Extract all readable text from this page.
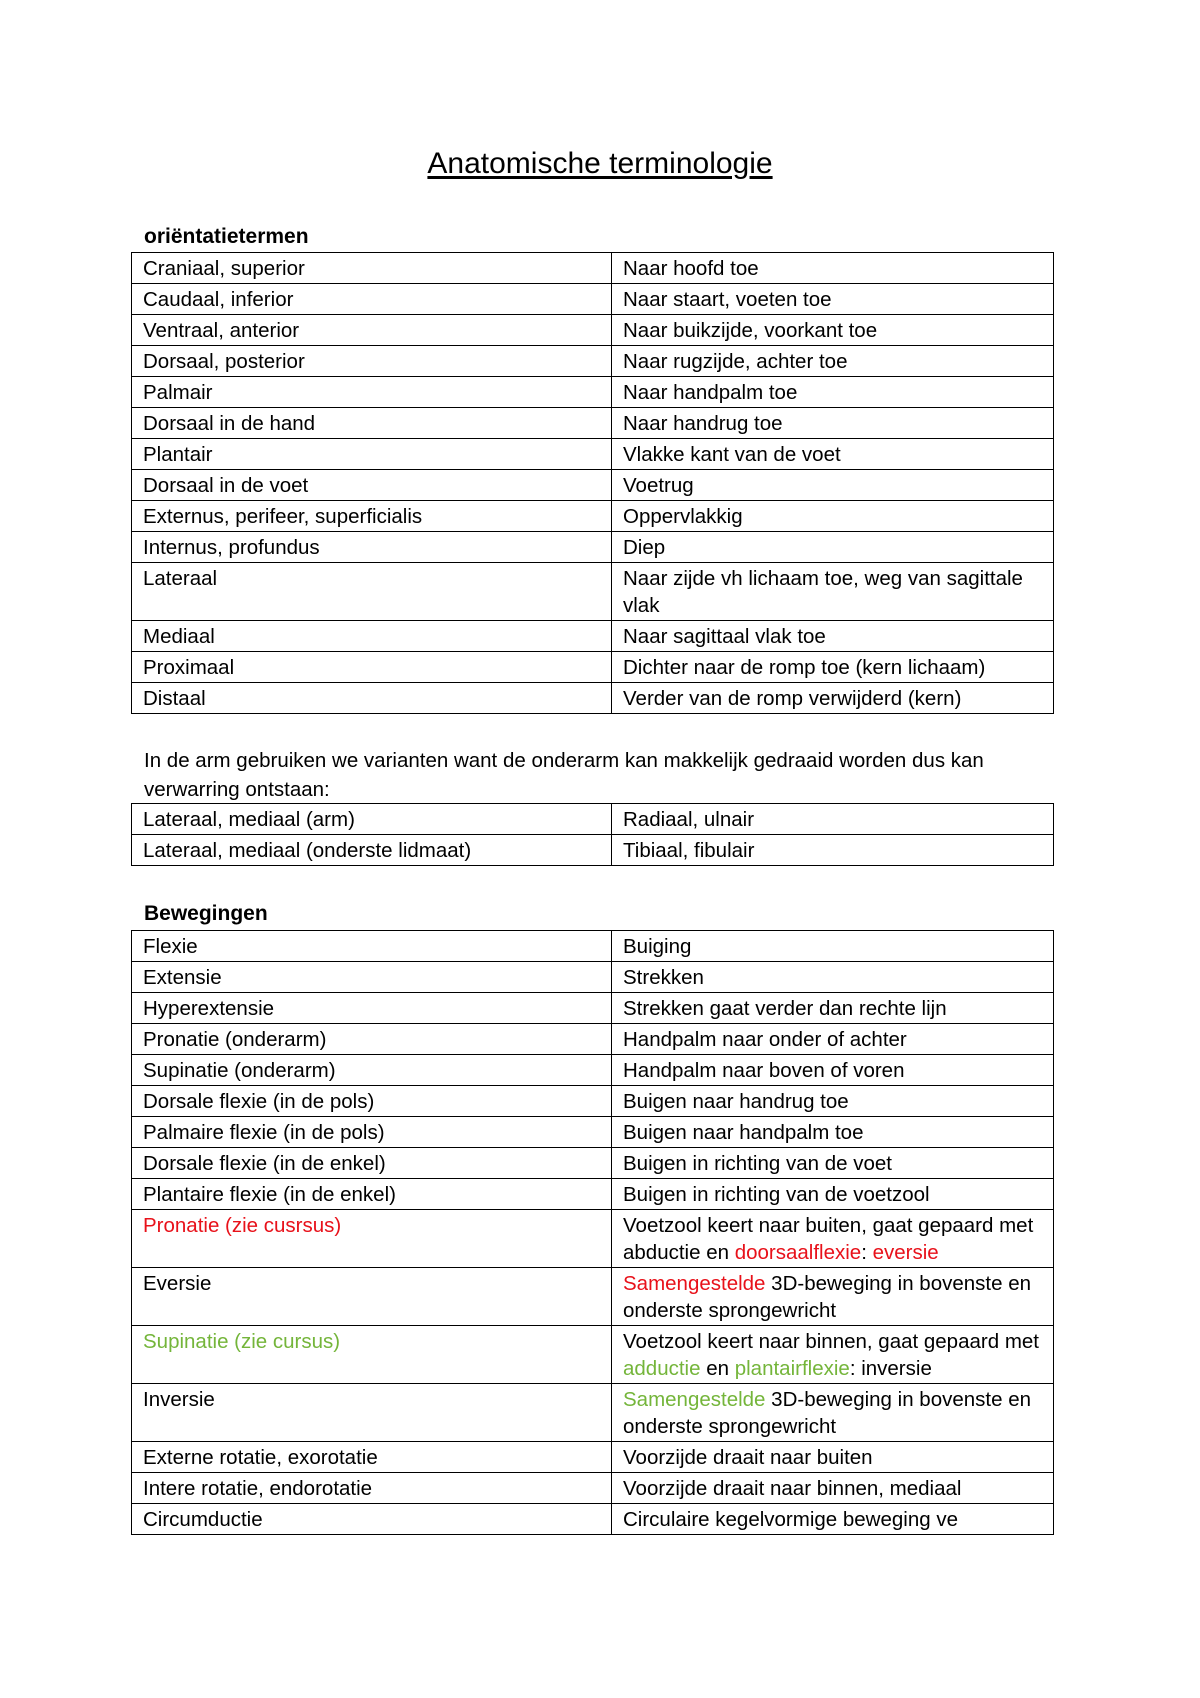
Anatomische terminologie
oriëntatietermen
Craniaal, superior	Naar hoofd toe
Caudaal, inferior	Naar staart, voeten toe
Ventraal, anterior	Naar buikzijde, voorkant toe
Dorsaal, posterior	Naar rugzijde, achter toe
Palmair	Naar handpalm toe
Dorsaal in de hand	Naar handrug toe
Plantair	Vlakke kant van de voet
Dorsaal in de voet	Voetrug
Externus, perifeer, superficialis	Oppervlakkig
Internus, profundus	Diep
Lateraal	Naar zijde vh lichaam toe, weg van sagittale vlak
Mediaal	Naar sagittaal vlak toe
Proximaal	Dichter naar de romp toe (kern lichaam)
Distaal	Verder van de romp verwijderd (kern)
In de arm gebruiken we varianten want de onderarm kan makkelijk gedraaid worden dus kan verwarring ontstaan:
Lateraal, mediaal (arm)	Radiaal, ulnair
Lateraal, mediaal (onderste lidmaat)	Tibiaal, fibulair
Bewegingen
Flexie	Buiging
Extensie	Strekken
Hyperextensie	Strekken gaat verder dan rechte lijn
Pronatie (onderarm)	Handpalm naar onder of achter
Supinatie (onderarm)	Handpalm naar boven of voren
Dorsale flexie (in de pols)	Buigen naar handrug toe
Palmaire flexie (in de pols)	Buigen naar handpalm toe
Dorsale flexie (in de enkel)	Buigen in richting van de voet
Plantaire flexie (in de enkel)	Buigen in richting van de voetzool
Pronatie (zie cusrsus)	Voetzool keert naar buiten, gaat gepaard met abductie en doorsaalflexie: eversie
Eversie	Samengestelde 3D-beweging in bovenste en onderste sprongewricht
Supinatie (zie cursus)	Voetzool keert naar binnen, gaat gepaard met adductie en plantairflexie: inversie
Inversie	Samengestelde 3D-beweging in bovenste en onderste sprongewricht
Externe rotatie, exorotatie	Voorzijde draait naar buiten
Intere rotatie, endorotatie	Voorzijde draait naar binnen, mediaal
Circumductie	Circulaire kegelvormige beweging ve
